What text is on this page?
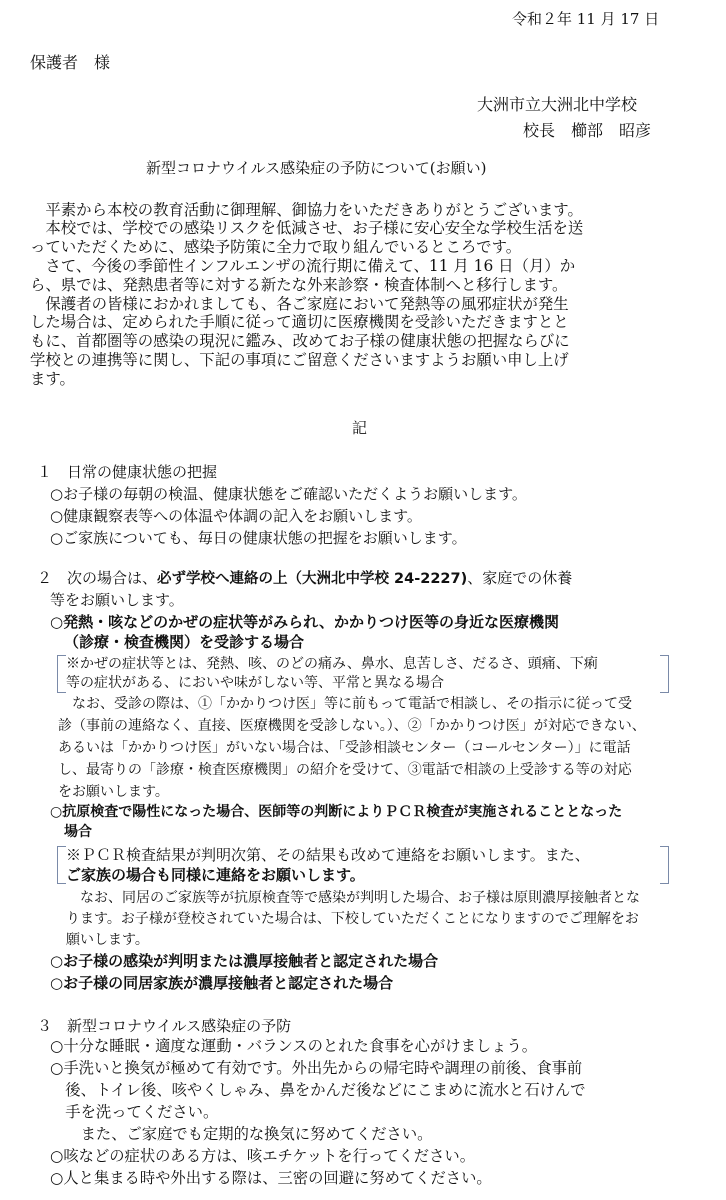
令和２年 11 月 17 日
保護者　様
大洲市立大洲北中学校
校長　櫛部　昭彦
新型コロナウイルス感染症の予防について(お願い)
　平素から本校の教育活動に御理解、御協力をいただきありがとうございます。
　本校では、学校での感染リスクを低減させ、お子様に安心安全な学校生活を送
っていただくために、感染予防策に全力で取り組んでいるところです。
　さて、今後の季節性インフルエンザの流行期に備えて、11 月 16 日（月）か
ら、県では、発熱患者等に対する新たな外来診察・検査体制へと移行します。
　保護者の皆様におかれましても、各ご家庭において発熱等の風邪症状が発生
した場合は、定められた手順に従って適切に医療機関を受診いただきますとと
もに、首都圏等の感染の現況に鑑み、改めてお子様の健康状態の把握ならびに
学校との連携等に関し、下記の事項にご留意くださいますようお願い申し上げ
ます。
記
１　日常の健康状態の把握
○お子様の毎朝の検温、健康状態をご確認いただくようお願いします。
○健康観察表等への体温や体調の記入をお願いします。
○ご家族についても、毎日の健康状態の把握をお願いします。
２　次の場合は、必ず学校へ連絡の上（大洲北中学校 24-2227)、家庭での休養
等をお願いします。
○発熱・咳などのかぜの症状等がみられ、かかりつけ医等の身近な医療機関
（診療・検査機関）を受診する場合
※かぜの症状等とは、発熱、咳、のどの痛み、鼻水、息苦しさ、だるさ、頭痛、下痢
等の症状がある、においや味がしない等、平常と異なる場合
　なお、受診の際は、①「かかりつけ医」等に前もって電話で相談し、その指示に従って受
診（事前の連絡なく、直接、医療機関を受診しない。）、②「かかりつけ医」が対応できない、
あるいは「かかりつけ医」がいない場合は、「受診相談センター（コールセンター）」に電話
し、最寄りの「診療・検査医療機関」の紹介を受けて、③電話で相談の上受診する等の対応
をお願いします。
○抗原検査で陽性になった場合、医師等の判断によりＰＣＲ検査が実施されることとなった
場合
※ＰＣＲ検査結果が判明次第、その結果も改めて連絡をお願いします。また、
ご家族の場合も同様に連絡をお願いします。
　なお、同居のご家族等が抗原検査等で感染が判明した場合、お子様は原則濃厚接触者とな
ります。お子様が登校されていた場合は、下校していただくことになりますのでご理解をお
願いします。
○お子様の感染が判明または濃厚接触者と認定された場合
○お子様の同居家族が濃厚接触者と認定された場合
３　新型コロナウイルス感染症の予防
○十分な睡眠・適度な運動・バランスのとれた食事を心がけましょう。
○手洗いと換気が極めて有効です。外出先からの帰宅時や調理の前後、食事前
　後、トイレ後、咳やくしゃみ、鼻をかんだ後などにこまめに流水と石けんで
　手を洗ってください。
　　また、ご家庭でも定期的な換気に努めてください。
○咳などの症状のある方は、咳エチケットを行ってください。
○人と集まる時や外出する際は、三密の回避に努めてください。
